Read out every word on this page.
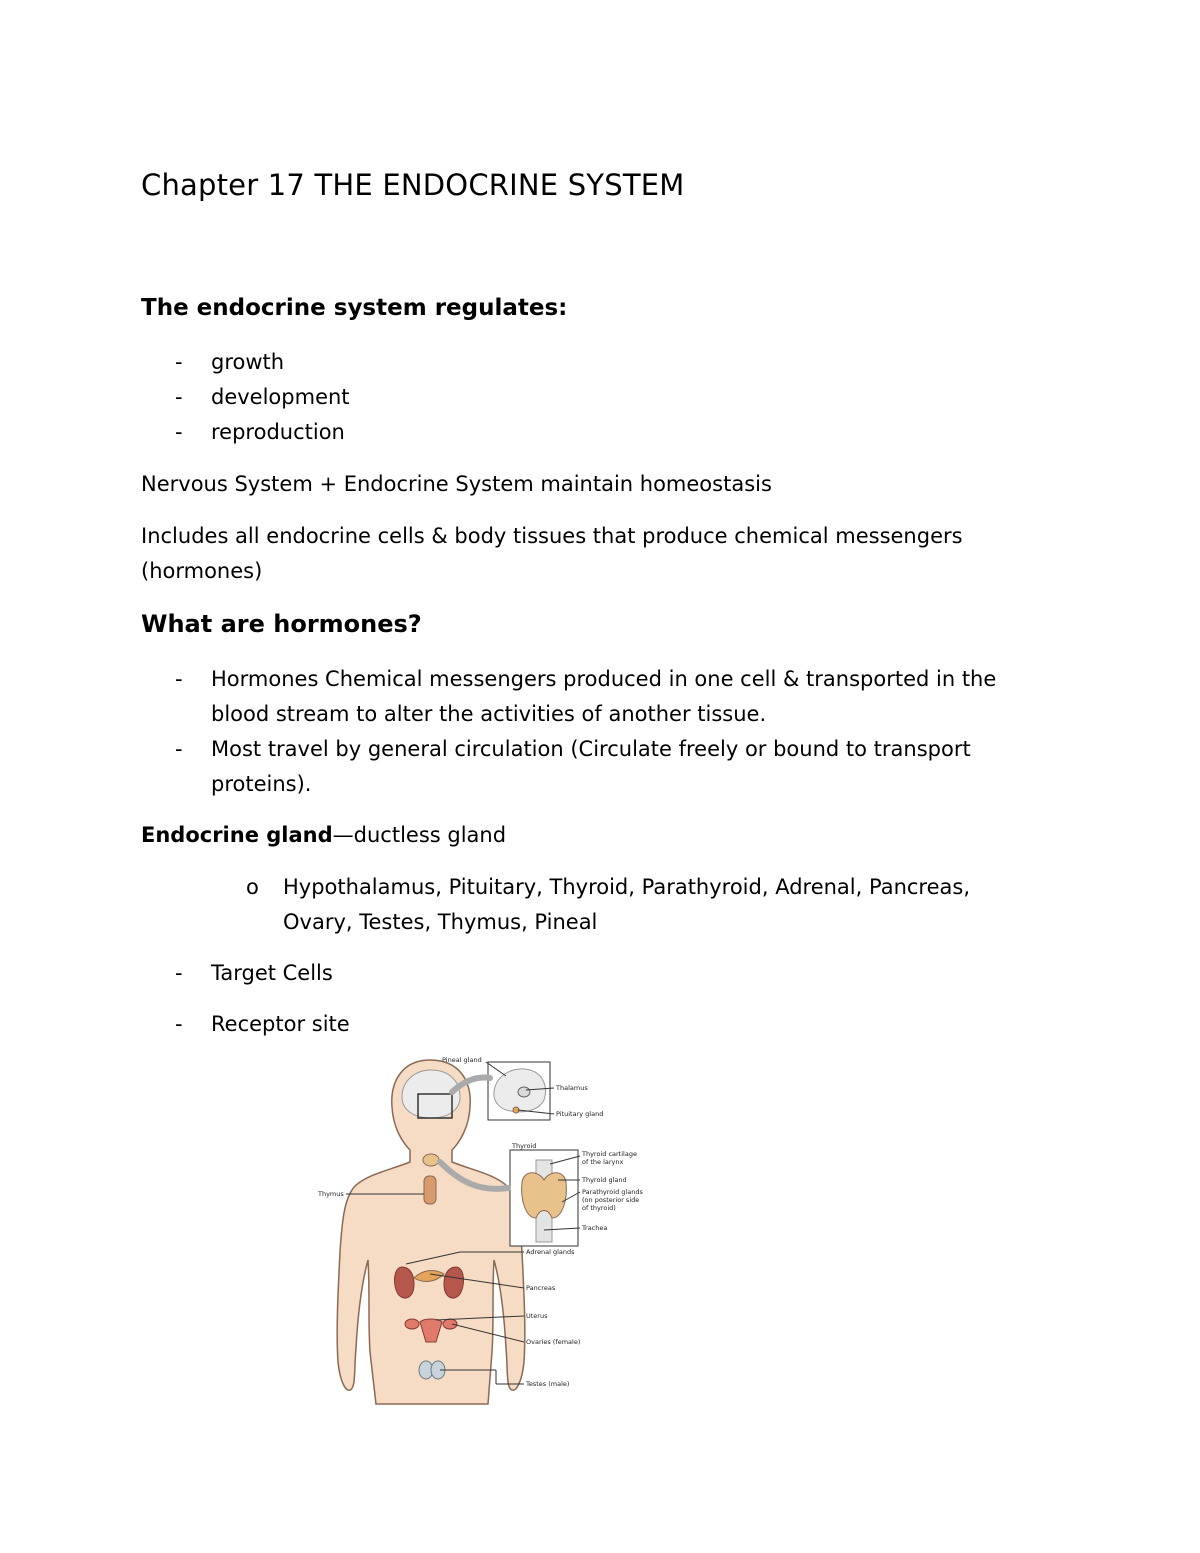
Chapter 17 THE ENDOCRINE SYSTEM
The endocrine system regulates:
- growth
- development
- reproduction
Nervous System + Endocrine System maintain homeostasis
Includes all endocrine cells & body tissues that produce chemical messengers
(hormones)
What are hormones?
- Hormones Chemical messengers produced in one cell & transported in the
blood stream to alter the activities of another tissue.
- Most travel by general circulation (Circulate freely or bound to transport
proteins).
Endocrine gland—ductless gland
o Hypothalamus, Pituitary, Thyroid, Parathyroid, Adrenal, Pancreas,
Ovary, Testes, Thymus, Pineal
- Target Cells
- Receptor site
Pineal gland
Thalamus
Pituitary gland
Thyroid
Thyroid cartilage
of the larynx
Thyroid gland
Parathyroid glands
(on posterior side
of thyroid)
Trachea
Thymus
Adrenal glands
Pancreas
Uterus
Ovaries (female)
Testes (male)
